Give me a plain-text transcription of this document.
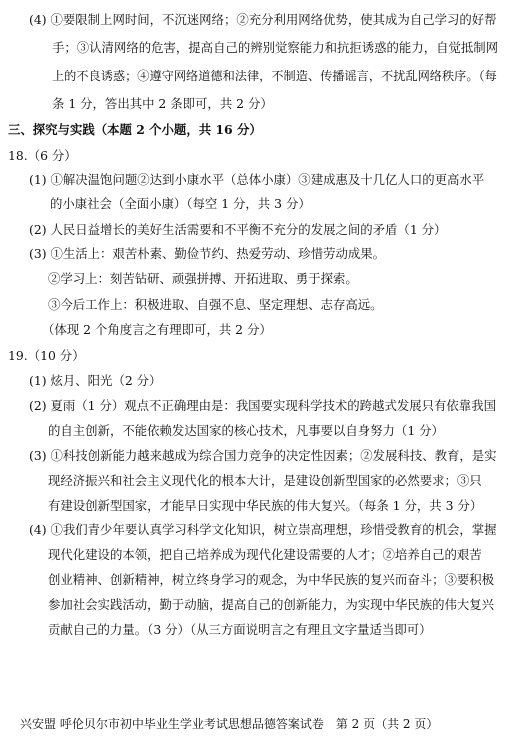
(4) ①要限制上网时间，不沉迷网络；②充分利用网络优势，使其成为自己学习的好帮
手；③认清网络的危害，提高自己的辨别觉察能力和抗拒诱惑的能力，自觉抵制网
上的不良诱惑；④遵守网络道德和法律，不制造、传播谣言，不扰乱网络秩序。（每
条 1 分，答出其中 2 条即可，共 2 分）
三、探究与实践（本题 2 个小题，共 16 分）
18.（6 分）
(1) ①解决温饱问题②达到小康水平（总体小康）③建成惠及十几亿人口的更高水平
的小康社会（全面小康）（每空 1 分，共 3 分）
(2) 人民日益增长的美好生活需要和不平衡不充分的发展之间的矛盾（1 分）
(3) ①生活上：艰苦朴素、勤俭节约、热爱劳动、珍惜劳动成果。
②学习上：刻苦钻研、顽强拼搏、开拓进取、勇于探索。
③今后工作上：积极进取、自强不息、坚定理想、志存高远。
（体现 2 个角度言之有理即可，共 2 分）
19.（10 分）
(1) 炫月、阳光（2 分）
(2) 夏雨（1 分）观点不正确理由是：我国要实现科学技术的跨越式发展只有依靠我国
的自主创新，不能依赖发达国家的核心技术，凡事要以自身努力（1 分）
(3) ①科技创新能力越来越成为综合国力竞争的决定性因素；②发展科技、教育，是实
现经济振兴和社会主义现代化的根本大计，是建设创新型国家的必然要求；③只
有建设创新型国家，才能早日实现中华民族的伟大复兴。（每条 1 分，共 3 分）
(4) ①我们青少年要认真学习科学文化知识，树立崇高理想，珍惜受教育的机会，掌握
现代化建设的本领，把自己培养成为现代化建设需要的人才；②培养自己的艰苦
创业精神、创新精神，树立终身学习的观念，为中华民族的复兴而奋斗；③要积极
参加社会实践活动，勤于动脑，提高自己的创新能力，为实现中华民族的伟大复兴
贡献自己的力量。（3 分）（从三方面说明言之有理且文字量适当即可）
兴安盟 呼伦贝尔市初中毕业生学业考试思想品德答案试卷　第 2 页（共 2 页）
